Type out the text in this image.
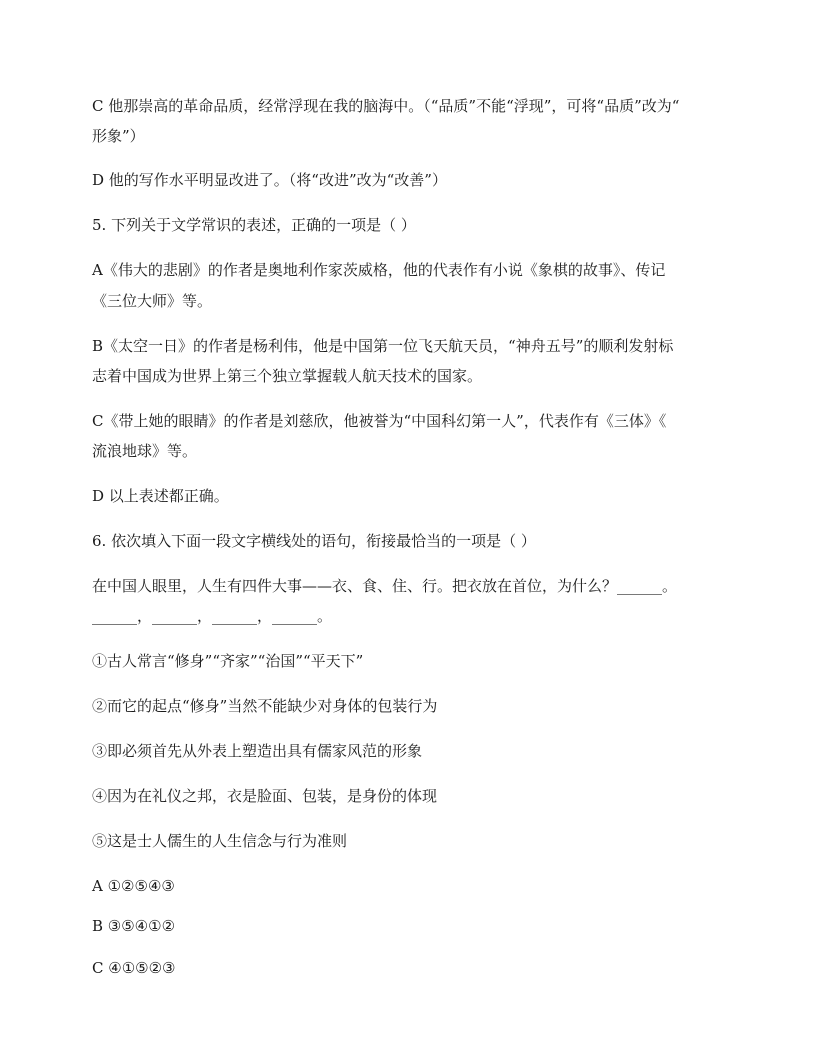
C 他那崇高的革命品质，经常浮现在我的脑海中。（“品质”不能“浮现”，可将“品质”改为“
形象”）
D 他的写作水平明显改进了。（将“改进”改为“改善”）
5. 下列关于文学常识的表述，正确的一项是（ ）
A《伟大的悲剧》的作者是奥地利作家茨威格，他的代表作有小说《象棋的故事》、传记
《三位大师》等。
B《太空一日》的作者是杨利伟，他是中国第一位飞天航天员，“神舟五号”的顺利发射标
志着中国成为世界上第三个独立掌握载人航天技术的国家。
C《带上她的眼睛》的作者是刘慈欣，他被誉为“中国科幻第一人”，代表作有《三体》《
流浪地球》等。
D 以上表述都正确。
6. 依次填入下面一段文字横线处的语句，衔接最恰当的一项是（ ）
在中国人眼里，人生有四件大事——衣、食、住、行。把衣放在首位，为什么？______。
______，______，______，______。
①古人常言“修身”“齐家”“治国”“平天下”
②而它的起点“修身”当然不能缺少对身体的包装行为
③即必须首先从外表上塑造出具有儒家风范的形象
④因为在礼仪之邦，衣是脸面、包装，是身份的体现
⑤这是士人儒生的人生信念与行为准则
A ①②⑤④③
B ③⑤④①②
C ④①⑤②③
